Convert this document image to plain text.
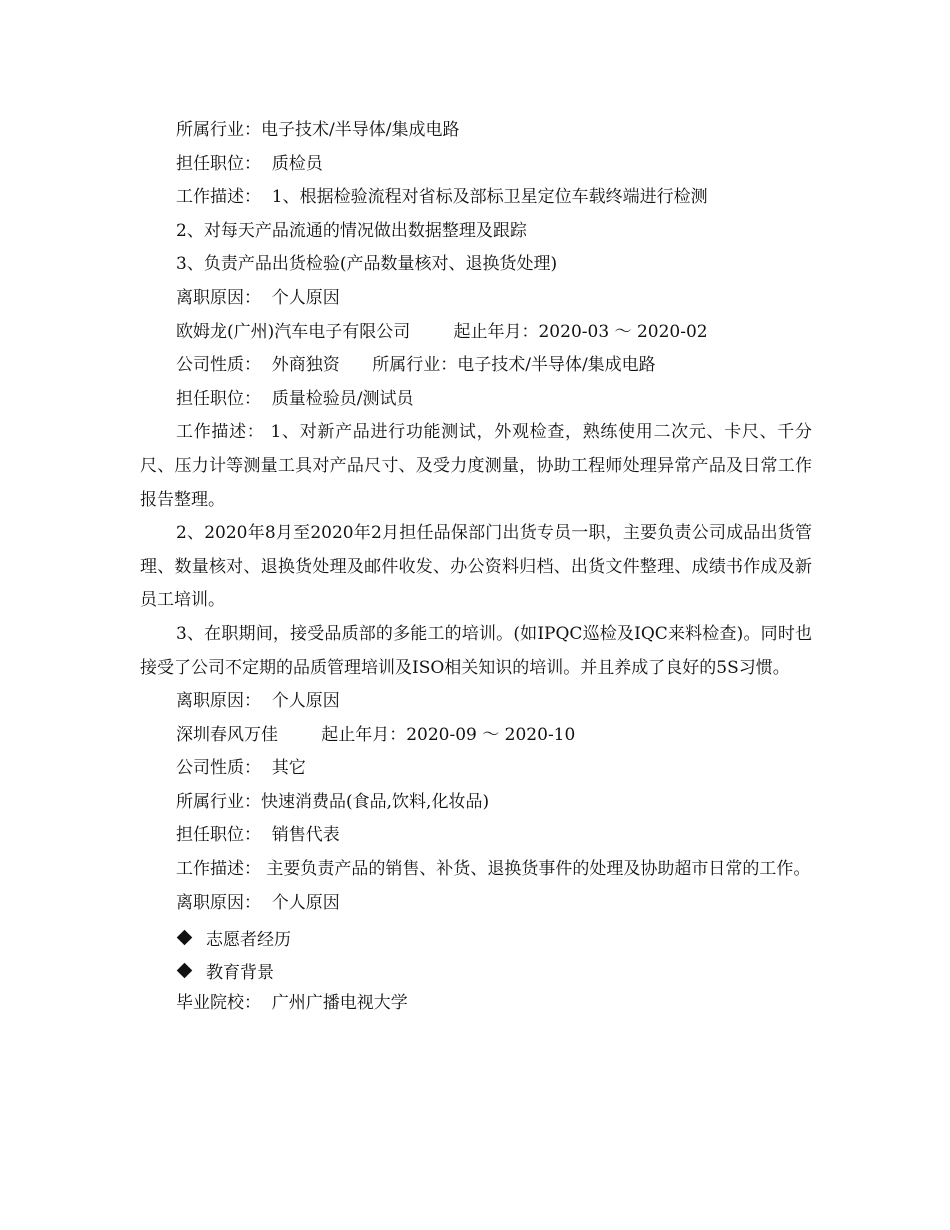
所属行业：电子技术/半导体/集成电路

担任职位：  质检员

工作描述：  1、根据检验流程对省标及部标卫星定位车载终端进行检测

2、对每天产品流通的情况做出数据整理及跟踪

3、负责产品出货检验(产品数量核对、退换货处理)

离职原因：  个人原因

欧姆龙(广州)汽车电子有限公司        起止年月：2020-03 ～ 2020-02

公司性质：  外商独资      所属行业：电子技术/半导体/集成电路

担任职位：  质量检验员/测试员

工作描述： 1、对新产品进行功能测试，外观检查，熟练使用二次元、卡尺、千分尺、压力计等测量工具对产品尺寸、及受力度测量，协助工程师处理异常产品及日常工作报告整理。

2、2020年8月至2020年2月担任品保部门出货专员一职，主要负责公司成品出货管理、数量核对、退换货处理及邮件收发、办公资料归档、出货文件整理、成绩书作成及新员工培训。

3、在职期间，接受品质部的多能工的培训。(如IPQC巡检及IQC来料检查)。同时也接受了公司不定期的品质管理培训及ISO相关知识的培训。并且养成了良好的5S习惯。

离职原因：  个人原因

深圳春风万佳        起止年月：2020-09 ～ 2020-10

公司性质：  其它

所属行业：快速消费品(食品,饮料,化妆品)

担任职位：  销售代表

工作描述： 主要负责产品的销售、补货、退换货事件的处理及协助超市日常的工作。

离职原因：  个人原因

志愿者经历
教育背景

毕业院校：  广州广播电视大学
